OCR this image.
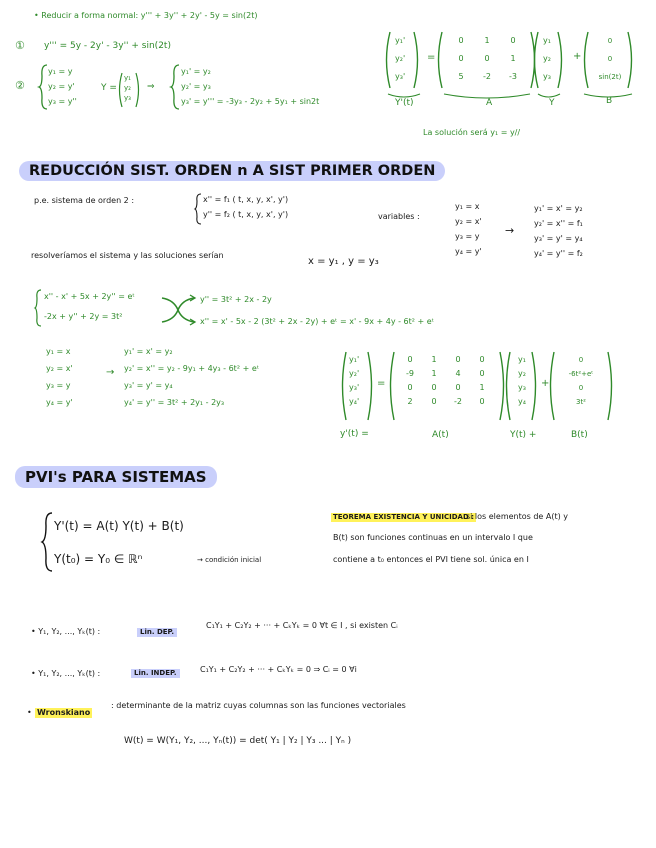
• Reducir a forma normal: y''' + 3y'' + 2y' - 5y = sin(2t)
① y''' = 5y - 2y' - 3y'' + sin(2t)
②
y₁ = y
y₂ = y'
y₃ = y''
Y =
y₁
y₂
y₃
⇒
y₁' = y₂
y₂' = y₃
y₃' = y''' = -3y₃ - 2y₂ + 5y₁ + sin2t
y₁'
y₂'
y₃'
=
0	1	0
0	0	1
5	-2	-3
y₁
y₂
y₃
+
0
0
sin(2t)
Y'(t)	A	Y	B
La solución será y₁ = y//
REDUCCIÓN SIST. ORDEN n A SIST PRIMER ORDEN
p.e. sistema de orden 2 :	x'' = f₁ ( t, x, y, x', y')
y'' = f₂ ( t, x, y, x', y')	variables :
y₁ = x
y₂ = x'
y₃ = y
y₄ = y'
→
y₁' = x' = y₂
y₂' = x'' = f₁
y₃' = y' = y₄
y₄' = y'' = f₂
resolveríamos el sistema y las soluciones serían
x = y₁ , y = y₃
x'' - x' + 5x + 2y'' = eᵗ
-2x + y'' + 2y = 3t²
y'' = 3t² + 2x - 2y
x'' = x' - 5x - 2 (3t² + 2x - 2y) + eᵗ = x' - 9x + 4y - 6t² + eᵗ
y₁ = x
y₂ = x'
y₃ = y
y₄ = y'
→
y₁' = x' = y₂
y₂' = x'' = y₂ - 9y₁ + 4y₃ - 6t² + eᵗ
y₃' = y' = y₄
y₄' = y'' = 3t² + 2y₁ - 2y₃
y₁'
y₂'
y₃'
y₄'
=
0	1	0	0
-9	1	4	0
0	0	0	1
2	0	-2	0
y₁
y₂
y₃
y₄
+
0
-6t²+eᵗ
0
3t²
y'(t) =	A(t)	Y(t) +	B(t)
PVI's PARA SISTEMAS
Y'(t) = A(t) Y(t) + B(t)
Y(t₀) = Y₀ ∈ ℝⁿ	→ condición inicial
TEOREMA EXISTENCIA Y UNICIDAD :
si los elementos de A(t) y
B(t) son funciones continuas en un intervalo I que
contiene a t₀ entonces el PVI tiene sol. única en I
• Y₁, Y₂, ..., Yₖ(t) :	Lin. DEP.
C₁Y₁ + C₂Y₂ + ··· + CₖYₖ = 0 ∀t ∈ I , si existen Cᵢ
• Y₁, Y₂, ..., Yₖ(t) :	Lin. INDEP.	C₁Y₁ + C₂Y₂ + ··· + CₖYₖ = 0 ⇒ Cᵢ = 0 ∀i
• Wronskiano
: determinante de la matriz cuyas columnas son las funciones vectoriales
W(t) = W(Y₁, Y₂, ..., Yₙ(t)) = det( Y₁ | Y₂ | Y₃ ... | Yₙ )
